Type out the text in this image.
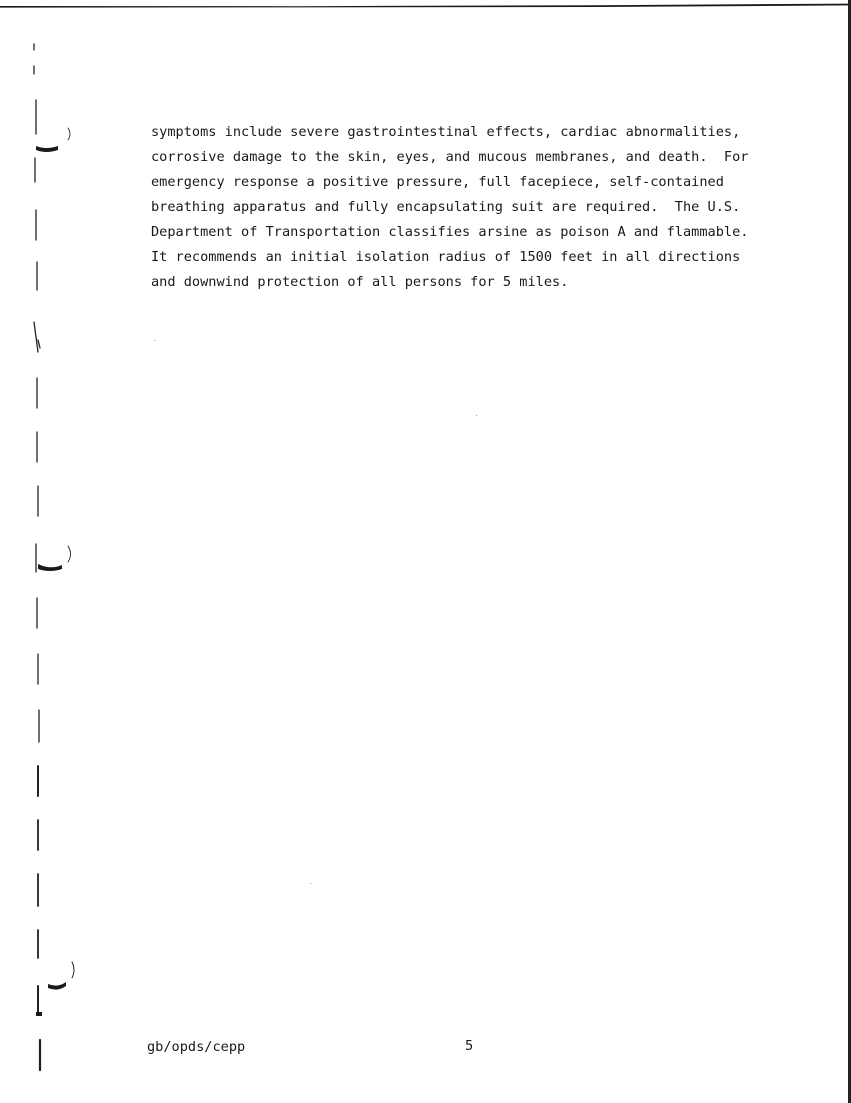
symptoms include severe gastrointestinal effects, cardiac abnormalities,
corrosive damage to the skin, eyes, and mucous membranes, and death.  For
emergency response a positive pressure, full facepiece, self-contained
breathing apparatus and fully encapsulating suit are required.  The U.S.
Department of Transportation classifies arsine as poison A and flammable.
It recommends an initial isolation radius of 1500 feet in all directions
and downwind protection of all persons for 5 miles.
gb/opds/cepp	5
